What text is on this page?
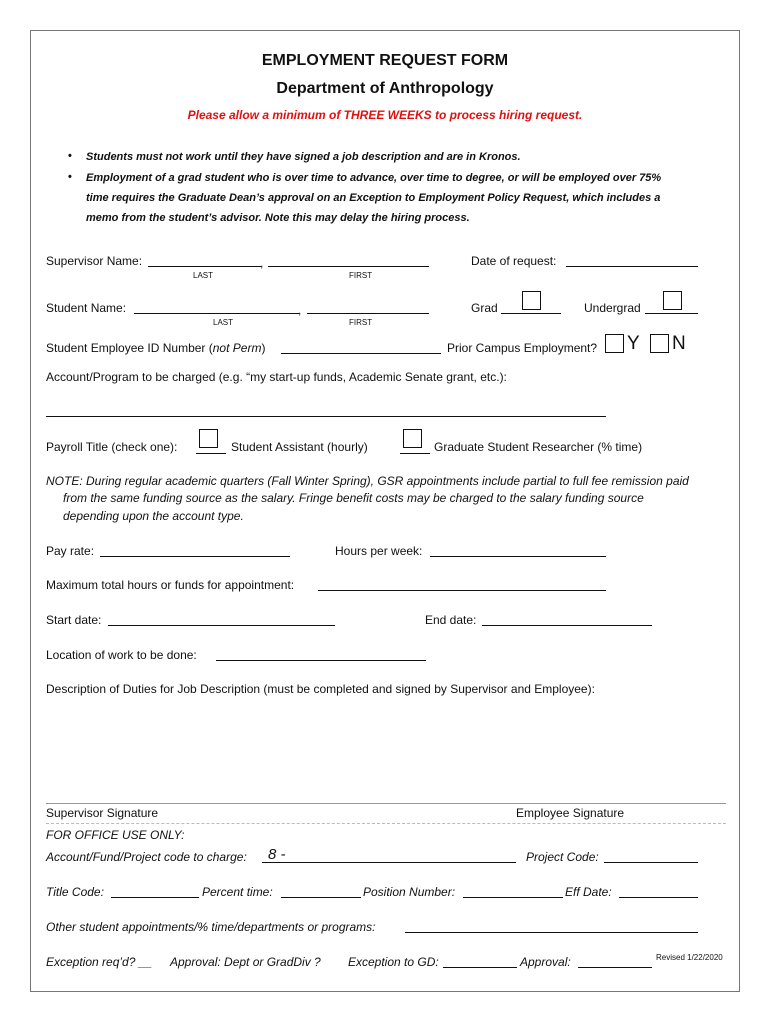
EMPLOYMENT REQUEST FORM
Department of Anthropology
Please allow a minimum of THREE WEEKS to process hiring request.
• Students must not work until they have signed a job description and are in Kronos.
• Employment of a grad student who is over time to advance, over time to degree, or will be employed over 75%
time requires the Graduate Dean’s approval on an Exception to Employment Policy Request, which includes a
memo from the student’s advisor. Note this may delay the hiring process.
Supervisor Name:	,
LAST	FIRST
Date of request:
Student Name:	,
LAST	FIRST
Grad	Undergrad
Student Employee ID Number (not Perm)	Prior Campus Employment? Y N
Account/Program to be charged (e.g. “my start-up funds, Academic Senate grant, etc.):
Payroll Title (check one):	Student Assistant (hourly)	Graduate Student Researcher (% time)
NOTE: During regular academic quarters (Fall Winter Spring), GSR appointments include partial to full fee remission paid
from the same funding source as the salary. Fringe benefit costs may be charged to the salary funding source
depending upon the account type.
Pay rate:	Hours per week:
Maximum total hours or funds for appointment:
Start date:	End date:
Location of work to be done:
Description of Duties for Job Description (must be completed and signed by Supervisor and Employee):
Supervisor Signature	Employee Signature
FOR OFFICE USE ONLY:
Account/Fund/Project code to charge: 8 -	Project Code:
Title Code:	Percent time:	Position Number:	Eff Date:
Other student appointments/% time/departments or programs:
Exception req’d? __ Approval: Dept or GradDiv ? Exception to GD:	Approval:	Revised 1/22/2020
